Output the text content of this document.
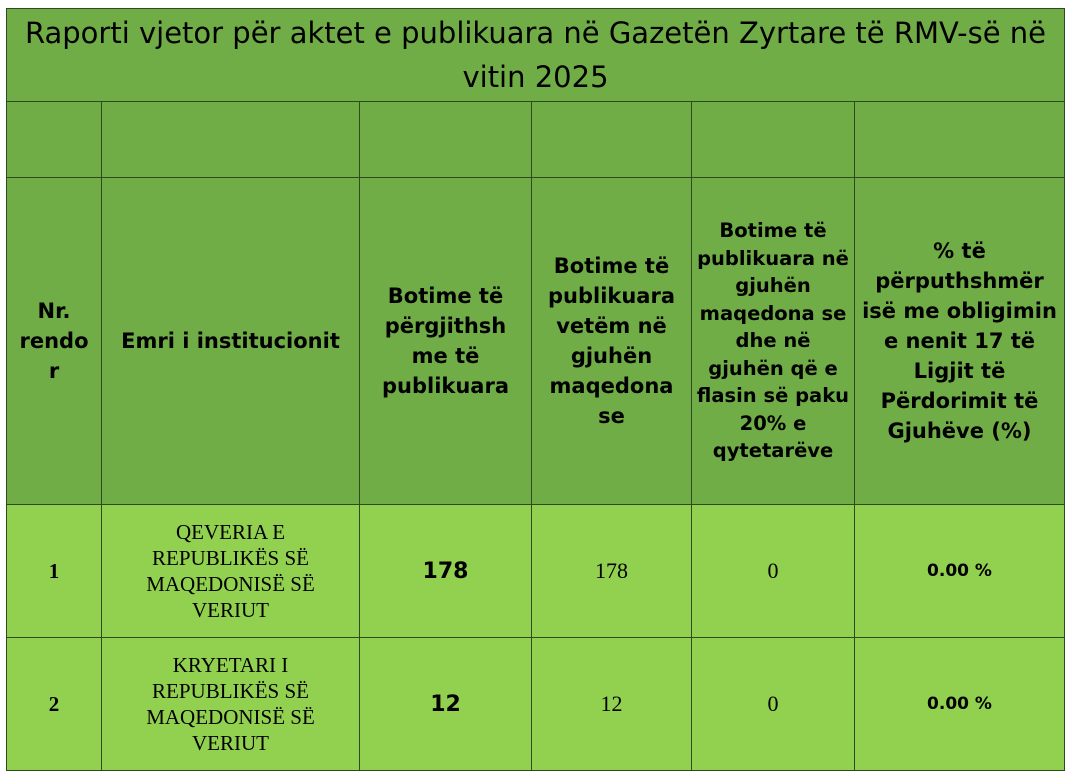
Raporti vjetor për aktet e publikuara në Gazetën Zyrtare të RMV-së në vitin 2025					

Nr. rendo r	Emri i institucionit	Botime të përgjithsh me të publikuara	Botime të publikuara vetëm në gjuhën maqedona se	Botime të publikuara në gjuhën maqedona se dhe në gjuhën që e flasin së paku 20% e qytetarëve	% të përputhshmër isë me obligimin e nenit 17 të Ligjit të Përdorimit të Gjuhëve (%)
1	QEVERIA E REPUBLIKËS SË MAQEDONISË SË VERIUT	178	178	0	0.00 %
2	KRYETARI I REPUBLIKËS SË MAQEDONISË SË VERIUT	12	12	0	0.00 %
